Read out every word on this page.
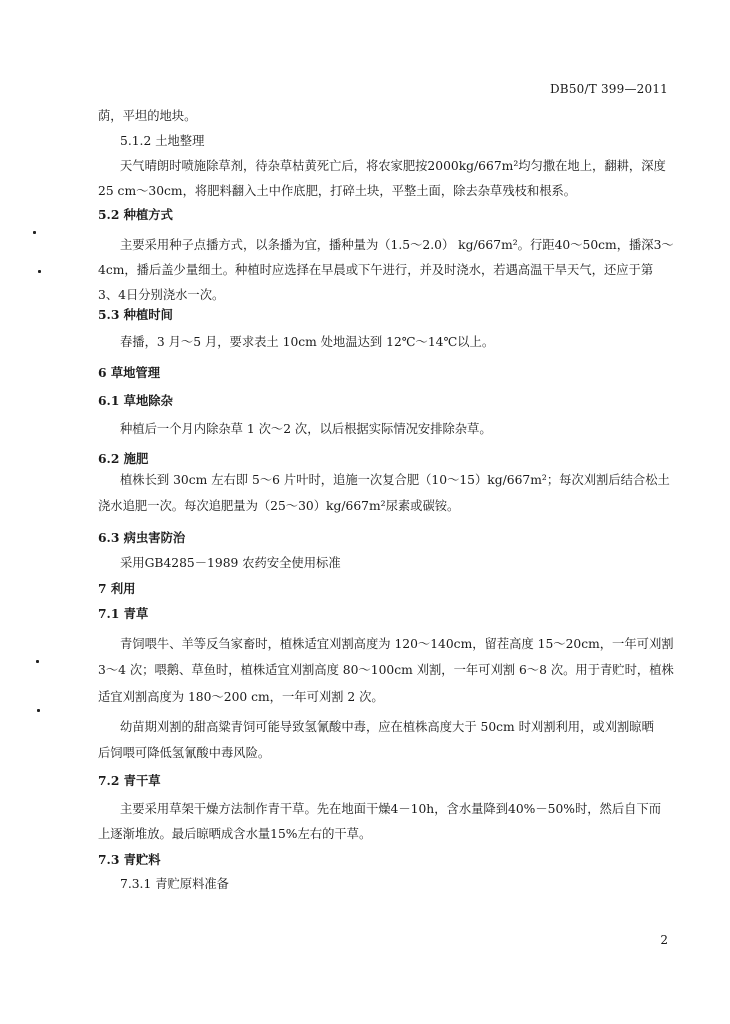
DB50/T 399—2011
荫，平坦的地块。
5.1.2 土地整理
天气晴朗时喷施除草剂，待杂草枯黄死亡后，将农家肥按2000kg/667m²均匀撒在地上，翻耕，深度
25 cm～30cm，将肥料翻入土中作底肥，打碎土块，平整土面，除去杂草残枝和根系。
5.2 种植方式
主要采用种子点播方式，以条播为宜，播种量为（1.5～2.0） kg/667m²。行距40～50cm，播深3～
4cm，播后盖少量细土。种植时应选择在早晨或下午进行，并及时浇水，若遇高温干旱天气，还应于第
3、4日分别浇水一次。
5.3 种植时间
春播，3 月～5 月，要求表土 10cm 处地温达到 12℃～14℃以上。
6 草地管理
6.1 草地除杂
种植后一个月内除杂草 1 次～2 次，以后根据实际情况安排除杂草。
6.2 施肥
植株长到 30cm 左右即 5～6 片叶时，追施一次复合肥（10～15）kg/667m²；每次刈割后结合松土
浇水追肥一次。每次追肥量为（25～30）kg/667m²尿素或碳铵。
6.3 病虫害防治
采用GB4285－1989 农药安全使用标准
7 利用
7.1 青草
青饲喂牛、羊等反刍家畜时，植株适宜刈割高度为 120～140cm，留茬高度 15～20cm，一年可刈割
3～4 次；喂鹅、草鱼时，植株适宜刈割高度 80～100cm 刈割，一年可刈割 6～8 次。用于青贮时，植株
适宜刈割高度为 180～200 cm，一年可刈割 2 次。
幼苗期刈割的甜高粱青饲可能导致氢氰酸中毒，应在植株高度大于 50cm 时刈割利用，或刈割晾晒
后饲喂可降低氢氰酸中毒风险。
7.2 青干草
主要采用草架干燥方法制作青干草。先在地面干燥4－10h，含水量降到40%－50%时，然后自下而
上逐渐堆放。最后晾晒成含水量15%左右的干草。
7.3 青贮料
7.3.1 青贮原料准备
2
